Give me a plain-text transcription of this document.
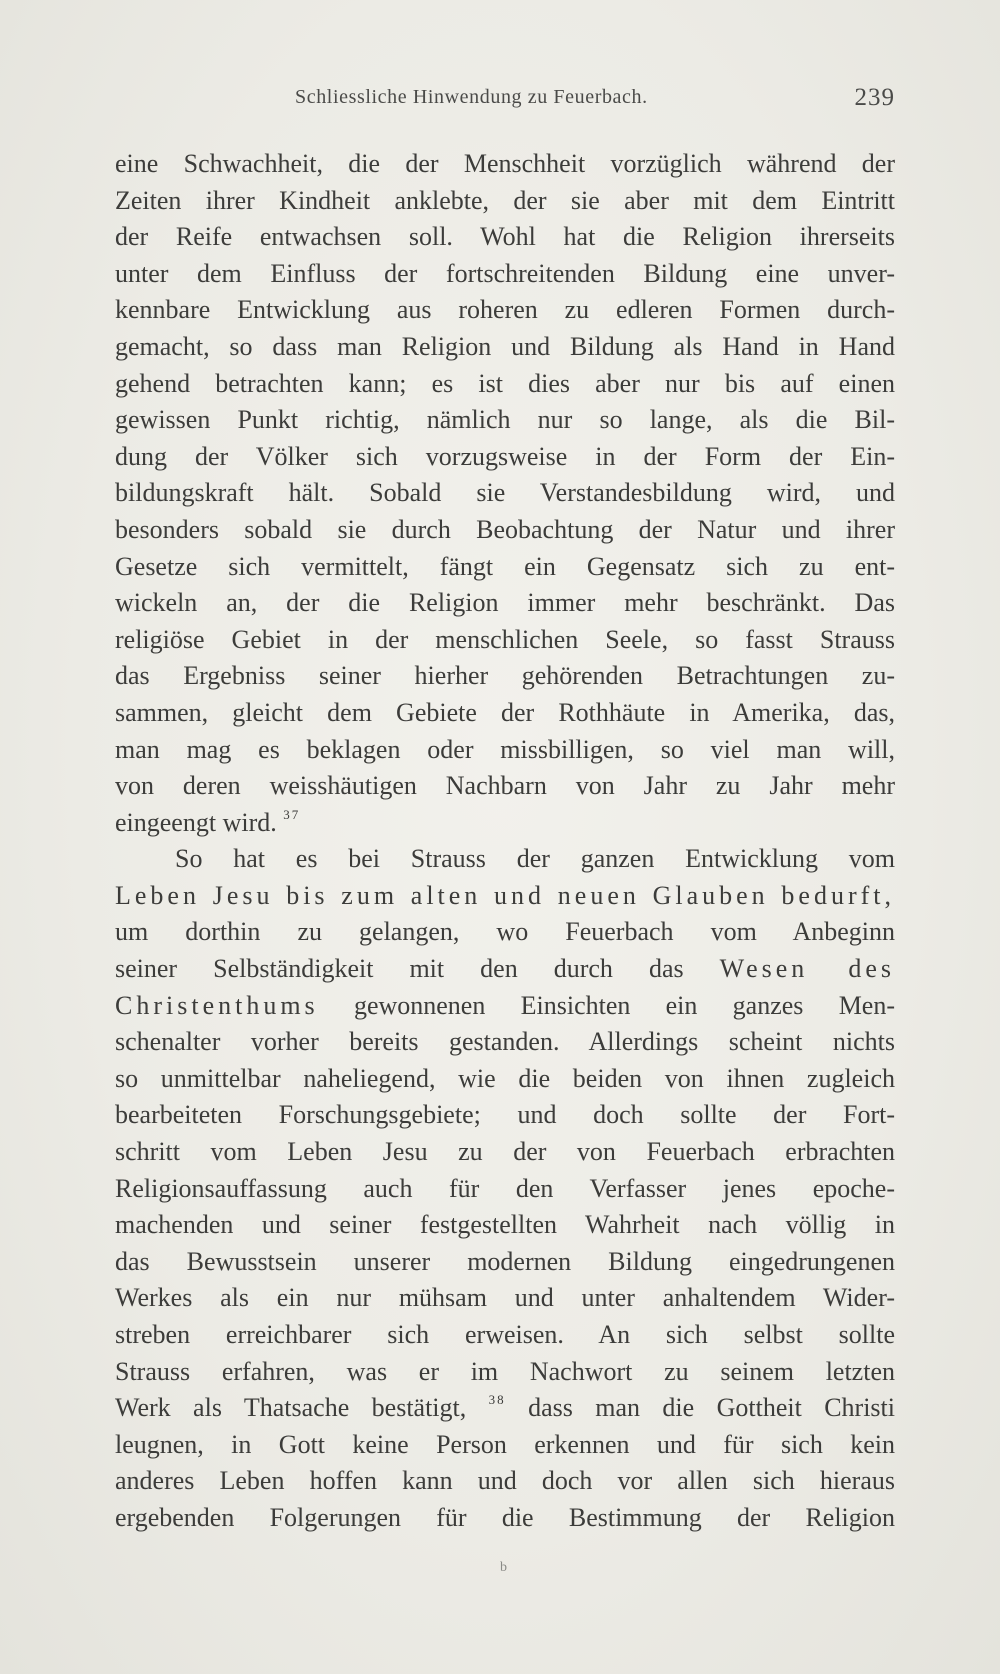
Schliessliche Hinwendung zu Feuerbach.	239
eine Schwachheit, die der Menschheit vorzüglich während der
Zeiten ihrer Kindheit anklebte, der sie aber mit dem Eintritt
der Reife entwachsen soll. Wohl hat die Religion ihrerseits
unter dem Einfluss der fortschreitenden Bildung eine unver-
kennbare Entwicklung aus roheren zu edleren Formen durch-
gemacht, so dass man Religion und Bildung als Hand in Hand
gehend betrachten kann; es ist dies aber nur bis auf einen
gewissen Punkt richtig, nämlich nur so lange, als die Bil-
dung der Völker sich vorzugsweise in der Form der Ein-
bildungskraft hält. Sobald sie Verstandesbildung wird, und
besonders sobald sie durch Beobachtung der Natur und ihrer
Gesetze sich vermittelt, fängt ein Gegensatz sich zu ent-
wickeln an, der die Religion immer mehr beschränkt. Das
religiöse Gebiet in der menschlichen Seele, so fasst Strauss
das Ergebniss seiner hierher gehörenden Betrachtungen zu-
sammen, gleicht dem Gebiete der Rothhäute in Amerika, das,
man mag es beklagen oder missbilligen, so viel man will,
von deren weisshäutigen Nachbarn von Jahr zu Jahr mehr
eingeengt wird. $^{37}$
So hat es bei Strauss der ganzen Entwicklung vom
Leben Jesu bis zum alten und neuen Glauben bedurft,
um dorthin zu gelangen, wo Feuerbach vom Anbeginn
seiner Selbständigkeit mit den durch das Wesen des
Christenthums gewonnenen Einsichten ein ganzes Men-
schenalter vorher bereits gestanden. Allerdings scheint nichts
so unmittelbar naheliegend, wie die beiden von ihnen zugleich
bearbeiteten Forschungsgebiete; und doch sollte der Fort-
schritt vom Leben Jesu zu der von Feuerbach erbrachten
Religionsauffassung auch für den Verfasser jenes epoche-
machenden und seiner festgestellten Wahrheit nach völlig in
das Bewusstsein unserer modernen Bildung eingedrungenen
Werkes als ein nur mühsam und unter anhaltendem Wider-
streben erreichbarer sich erweisen. An sich selbst sollte
Strauss erfahren, was er im Nachwort zu seinem letzten
Werk als Thatsache bestätigt, $^{38}$ dass man die Gottheit Christi
leugnen, in Gott keine Person erkennen und für sich kein
anderes Leben hoffen kann und doch vor allen sich hieraus
ergebenden Folgerungen für die Bestimmung der Religion
b
